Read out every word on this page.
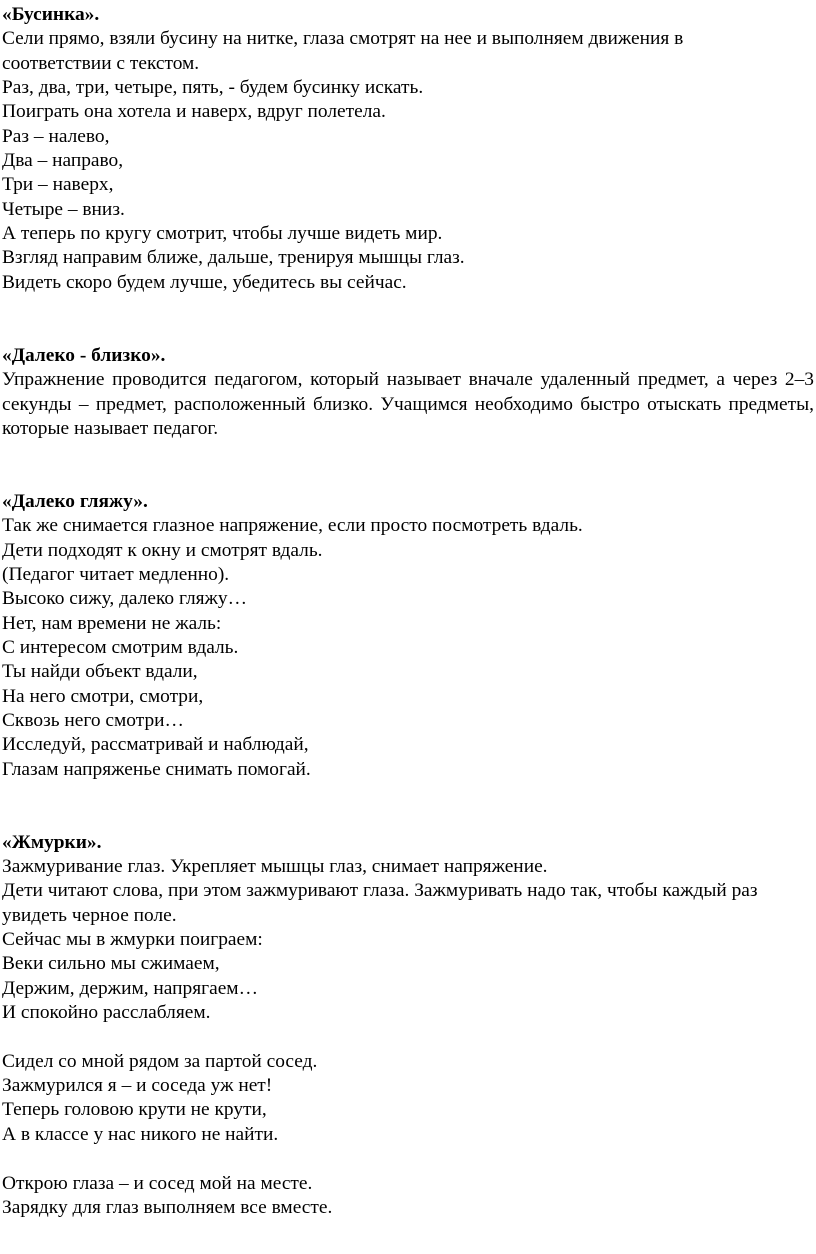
«Бусинка».

Сели прямо, взяли бусину на нитке, глаза смотрят на нее и выполняем движения в соответствии с текстом.

Раз, два, три, четыре, пять, - будем бусинку искать.

Поиграть она хотела и наверх, вдруг полетела.

Раз – налево,

Два – направо,

Три – наверх,

Четыре – вниз.

А теперь по кругу смотрит, чтобы лучше видеть мир.

Взгляд направим ближе, дальше, тренируя мышцы глаз.

Видеть скоро будем лучше, убедитесь вы сейчас.

«Далеко - близко».

Упражнение проводится педагогом, который называет вначале удаленный предмет, а через 2–3 секунды – предмет, расположенный близко. Учащимся необходимо быстро отыскать предметы, которые называет педагог.

«Далеко гляжу».

Так же снимается глазное напряжение, если просто посмотреть вдаль.

Дети подходят к окну и смотрят вдаль.

(Педагог читает медленно).

Высоко сижу, далеко гляжу…

Нет, нам времени не жаль:

С интересом смотрим вдаль.

Ты найди объект вдали,

На него смотри, смотри,

Сквозь него смотри…

Исследуй, рассматривай и наблюдай,

Глазам напряженье снимать помогай.

«Жмурки».

Зажмуривание глаз. Укрепляет мышцы глаз, снимает напряжение.

Дети читают слова, при этом зажмуривают глаза. Зажмуривать надо так, чтобы каждый раз увидеть черное поле.

Сейчас мы в жмурки поиграем:

Веки сильно мы сжимаем,

Держим, держим, напрягаем…

И спокойно расслабляем.

Сидел со мной рядом за партой сосед.

Зажмурился я – и соседа уж нет!

Теперь головою крути не крути,

А в классе у нас никого не найти.

Открою глаза – и сосед мой на месте.

Зарядку для глаз выполняем все вместе.
